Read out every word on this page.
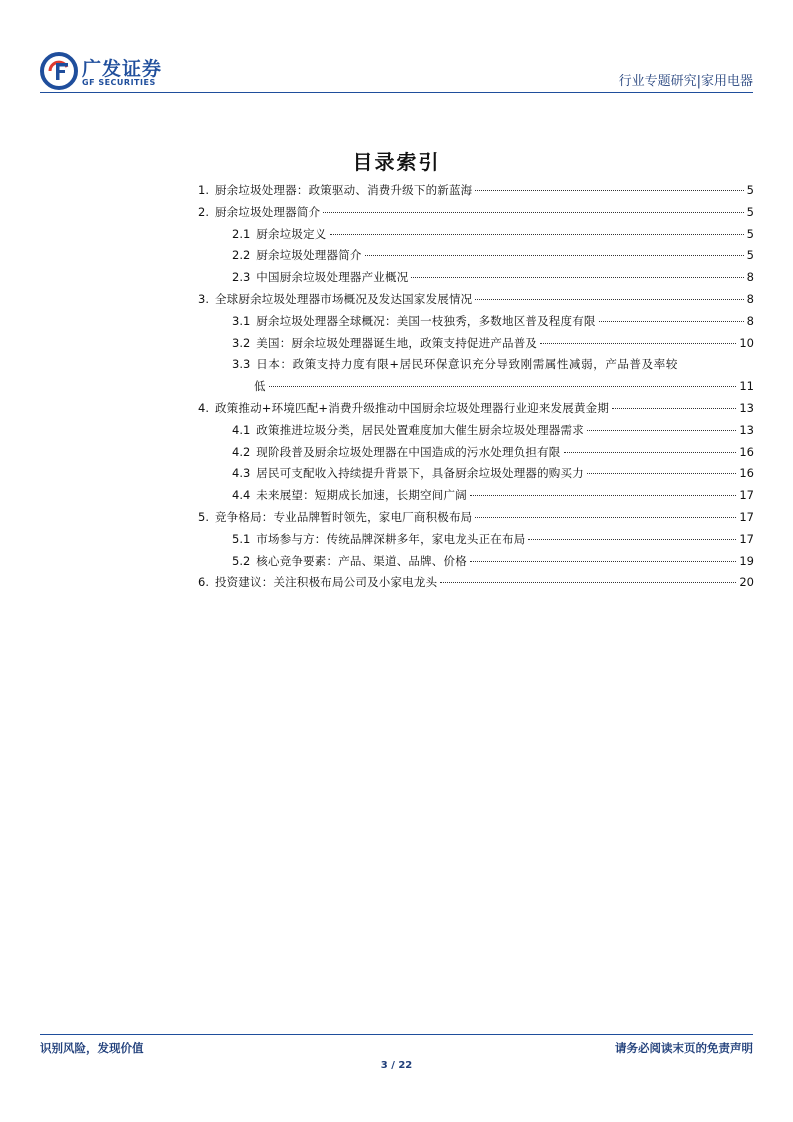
广发证券
GF SECURITIES	行业专题研究|家用电器
目录索引
1. 厨余垃圾处理器：政策驱动、消费升级下的新蓝海	5
2. 厨余垃圾处理器简介	5
2.1 厨余垃圾定义	5
2.2 厨余垃圾处理器简介	5
2.3 中国厨余垃圾处理器产业概况	8
3. 全球厨余垃圾处理器市场概况及发达国家发展情况	8
3.1 厨余垃圾处理器全球概况：美国一枝独秀，多数地区普及程度有限	8
3.2 美国：厨余垃圾处理器诞生地，政策支持促进产品普及	10
3.3 日本：政策支持力度有限+居民环保意识充分导致刚需属性减弱，产品普及率较
低	11
4. 政策推动+环境匹配+消费升级推动中国厨余垃圾处理器行业迎来发展黄金期	13
4.1 政策推进垃圾分类，居民处置难度加大催生厨余垃圾处理器需求	13
4.2 现阶段普及厨余垃圾处理器在中国造成的污水处理负担有限	16
4.3 居民可支配收入持续提升背景下，具备厨余垃圾处理器的购买力	16
4.4 未来展望：短期成长加速，长期空间广阔	17
5. 竞争格局：专业品牌暂时领先，家电厂商积极布局	17
5.1 市场参与方：传统品牌深耕多年，家电龙头正在布局	17
5.2 核心竞争要素：产品、渠道、品牌、价格	19
6. 投资建议：关注积极布局公司及小家电龙头	20
识别风险，发现价值	请务必阅读末页的免责声明
3 / 22
